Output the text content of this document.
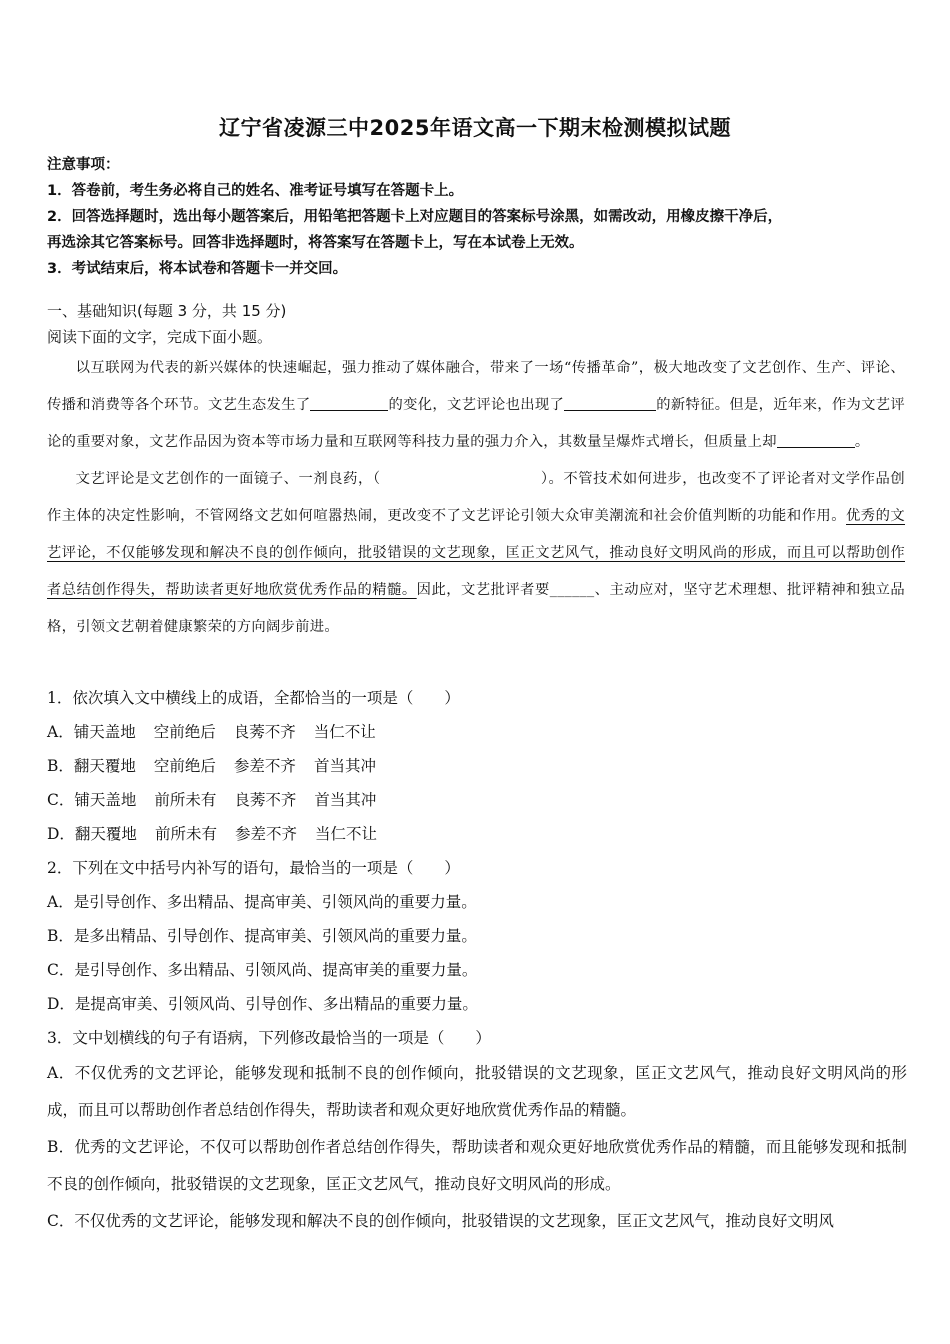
辽宁省凌源三中2025年语文高一下期末检测模拟试题
注意事项：
1．答卷前，考生务必将自己的姓名、准考证号填写在答题卡上。
2．回答选择题时，选出每小题答案后，用铅笔把答题卡上对应题目的答案标号涂黑，如需改动，用橡皮擦干净后，
再选涂其它答案标号。回答非选择题时，将答案写在答题卡上，写在本试卷上无效。
3．考试结束后，将本试卷和答题卡一并交回。
一、基础知识(每题 3 分，共 15 分)
阅读下面的文字，完成下面小题。

以互联网为代表的新兴媒体的快速崛起，强力推动了媒体融合，带来了一场“传播革命”，极大地改变了文艺创作、生产、评论、传播和消费等各个环节。文艺生态发生了	的变化，文艺评论也出现了	的新特征。但是，近年来，作为文艺评论的重要对象，文艺作品因为资本等市场力量和互联网等科技力量的强力介入，其数量呈爆炸式增长，但质量上却	。

文艺评论是文艺创作的一面镜子、一剂良药，（	）。不管技术如何进步，也改变不了评论者对文学作品创作主体的决定性影响，不管网络文艺如何喧嚣热闹，更改变不了文艺评论引领大众审美潮流和社会价值判断的功能和作用。优秀的文艺评论，不仅能够发现和解决不良的创作倾向，批驳错误的文艺现象，匡正文艺风气，推动良好文明风尚的形成，而且可以帮助创作者总结创作得失，帮助读者更好地欣赏优秀作品的精髓。因此，文艺批评者要______、主动应对，坚守艺术理想、批评精神和独立品格，引领文艺朝着健康繁荣的方向阔步前进。

1．依次填入文中横线上的成语，全都恰当的一项是（　　）
A．铺天盖地 空前绝后 良莠不齐 当仁不让
B．翻天覆地 空前绝后 参差不齐 首当其冲
C．铺天盖地 前所未有 良莠不齐 首当其冲
D．翻天覆地 前所未有 参差不齐 当仁不让
2．下列在文中括号内补写的语句，最恰当的一项是（　　）
A．是引导创作、多出精品、提高审美、引领风尚的重要力量。
B．是多出精品、引导创作、提高审美、引领风尚的重要力量。
C．是引导创作、多出精品、引领风尚、提高审美的重要力量。
D．是提高审美、引领风尚、引导创作、多出精品的重要力量。
3．文中划横线的句子有语病，下列修改最恰当的一项是（　　）
A．不仅优秀的文艺评论，能够发现和抵制不良的创作倾向，批驳错误的文艺现象，匡正文艺风气，推动良好文明风尚的形成，而且可以帮助创作者总结创作得失，帮助读者和观众更好地欣赏优秀作品的精髓。
B．优秀的文艺评论，不仅可以帮助创作者总结创作得失，帮助读者和观众更好地欣赏优秀作品的精髓，而且能够发现和抵制不良的创作倾向，批驳错误的文艺现象，匡正文艺风气，推动良好文明风尚的形成。
C．不仅优秀的文艺评论，能够发现和解决不良的创作倾向，批驳错误的文艺现象，匡正文艺风气，推动良好文明风
